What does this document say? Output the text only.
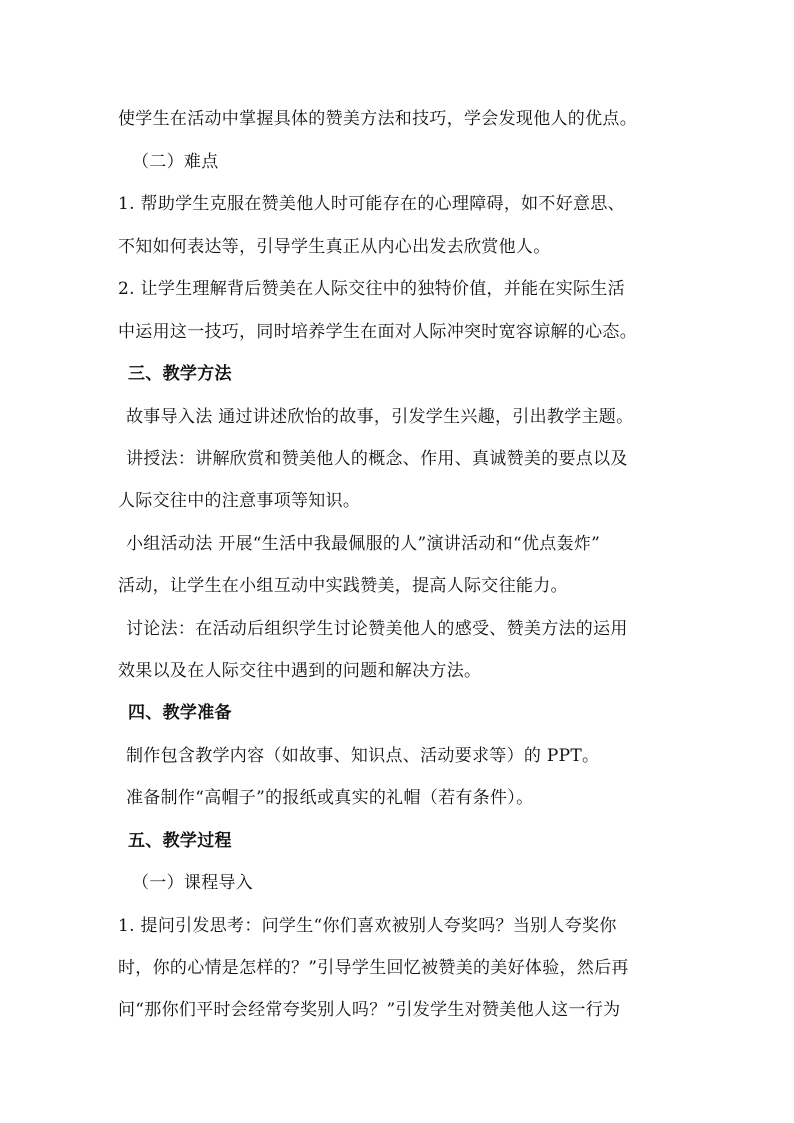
使学生在活动中掌握具体的赞美方法和技巧，学会发现他人的优点。

（二）难点

1. 帮助学生克服在赞美他人时可能存在的心理障碍，如不好意思、

不知如何表达等，引导学生真正从内心出发去欣赏他人。

2. 让学生理解背后赞美在人际交往中的独特价值，并能在实际生活

中运用这一技巧，同时培养学生在面对人际冲突时宽容谅解的心态。

三、教学方法

故事导入法 通过讲述欣怡的故事，引发学生兴趣，引出教学主题。

讲授法：讲解欣赏和赞美他人的概念、作用、真诚赞美的要点以及

人际交往中的注意事项等知识。

小组活动法 开展“生活中我最佩服的人”演讲活动和“优点轰炸”

活动，让学生在小组互动中实践赞美，提高人际交往能力。

讨论法：在活动后组织学生讨论赞美他人的感受、赞美方法的运用

效果以及在人际交往中遇到的问题和解决方法。

四、教学准备

制作包含教学内容（如故事、知识点、活动要求等）的 PPT。

准备制作“高帽子”的报纸或真实的礼帽（若有条件）。

五、教学过程

（一）课程导入

1. 提问引发思考：问学生“你们喜欢被别人夸奖吗？当别人夸奖你

时，你的心情是怎样的？”引导学生回忆被赞美的美好体验，然后再

问“那你们平时会经常夸奖别人吗？”引发学生对赞美他人这一行为
